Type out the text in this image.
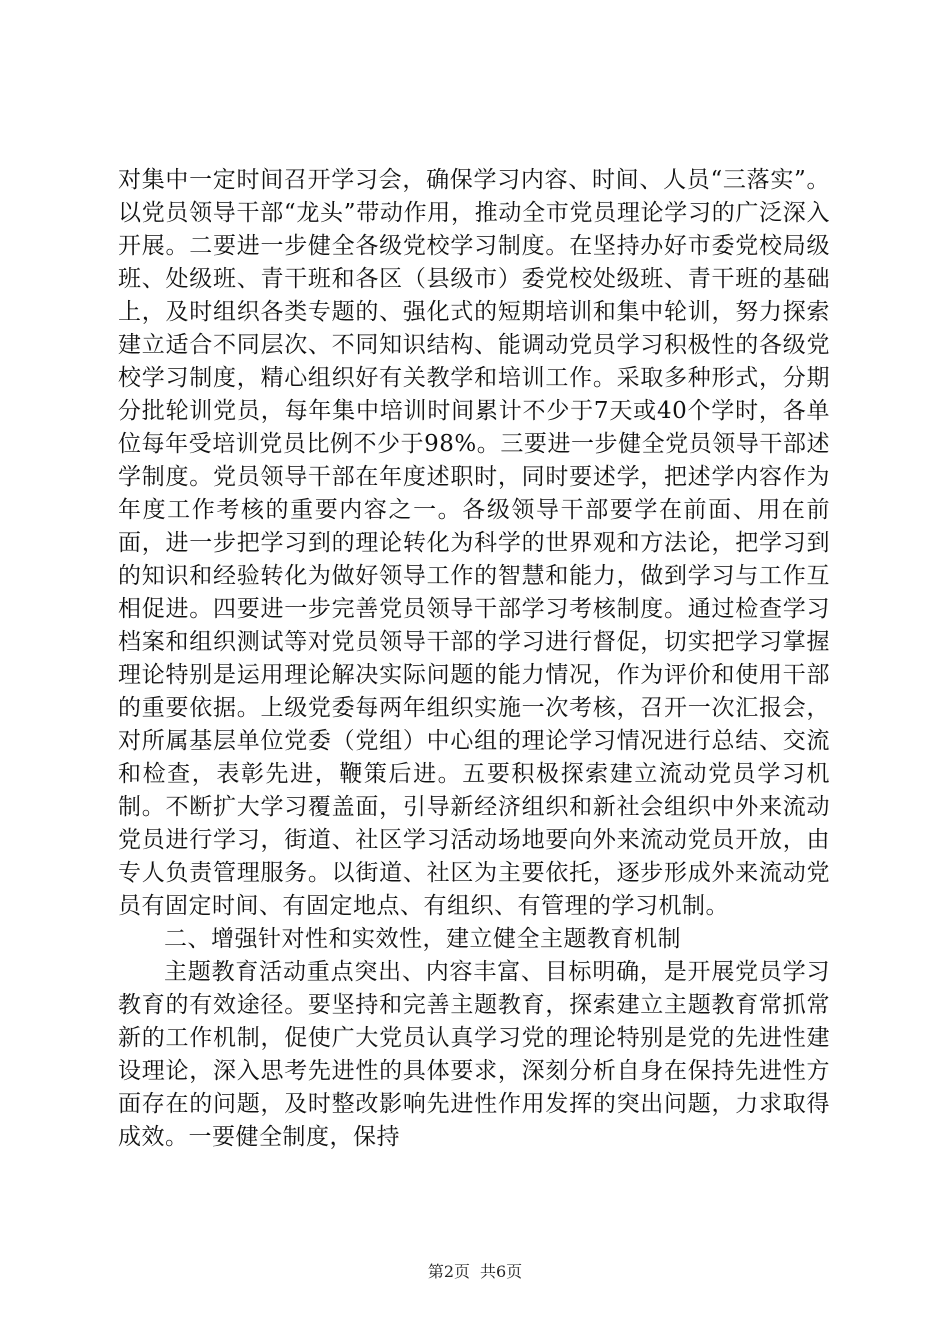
对集中一定时间召开学习会，确保学习内容、时间、人员“三落实”。以党员领导干部“龙头”带动作用，推动全市党员理论学习的广泛深入开展。二要进一步健全各级党校学习制度。在坚持办好市委党校局级班、处级班、青干班和各区（县级市）委党校处级班、青干班的基础上，及时组织各类专题的、强化式的短期培训和集中轮训，努力探索建立适合不同层次、不同知识结构、能调动党员学习积极性的各级党校学习制度，精心组织好有关教学和培训工作。采取多种形式，分期分批轮训党员，每年集中培训时间累计不少于7天或40个学时，各单位每年受培训党员比例不少于98%。三要进一步健全党员领导干部述学制度。党员领导干部在年度述职时，同时要述学，把述学内容作为年度工作考核的重要内容之一。各级领导干部要学在前面、用在前面，进一步把学习到的理论转化为科学的世界观和方法论，把学习到的知识和经验转化为做好领导工作的智慧和能力，做到学习与工作互相促进。四要进一步完善党员领导干部学习考核制度。通过检查学习档案和组织测试等对党员领导干部的学习进行督促，切实把学习掌握理论特别是运用理论解决实际问题的能力情况，作为评价和使用干部的重要依据。上级党委每两年组织实施一次考核，召开一次汇报会，对所属基层单位党委（党组）中心组的理论学习情况进行总结、交流和检查，表彰先进，鞭策后进。五要积极探索建立流动党员学习机制。不断扩大学习覆盖面，引导新经济组织和新社会组织中外来流动党员进行学习，街道、社区学习活动场地要向外来流动党员开放，由专人负责管理服务。以街道、社区为主要依托，逐步形成外来流动党员有固定时间、有固定地点、有组织、有管理的学习机制。

二、增强针对性和实效性，建立健全主题教育机制

主题教育活动重点突出、内容丰富、目标明确，是开展党员学习教育的有效途径。要坚持和完善主题教育，探索建立主题教育常抓常新的工作机制，促使广大党员认真学习党的理论特别是党的先进性建设理论，深入思考先进性的具体要求，深刻分析自身在保持先进性方面存在的问题，及时整改影响先进性作用发挥的突出问题，力求取得成效。一要健全制度，保持

第2页 共6页
